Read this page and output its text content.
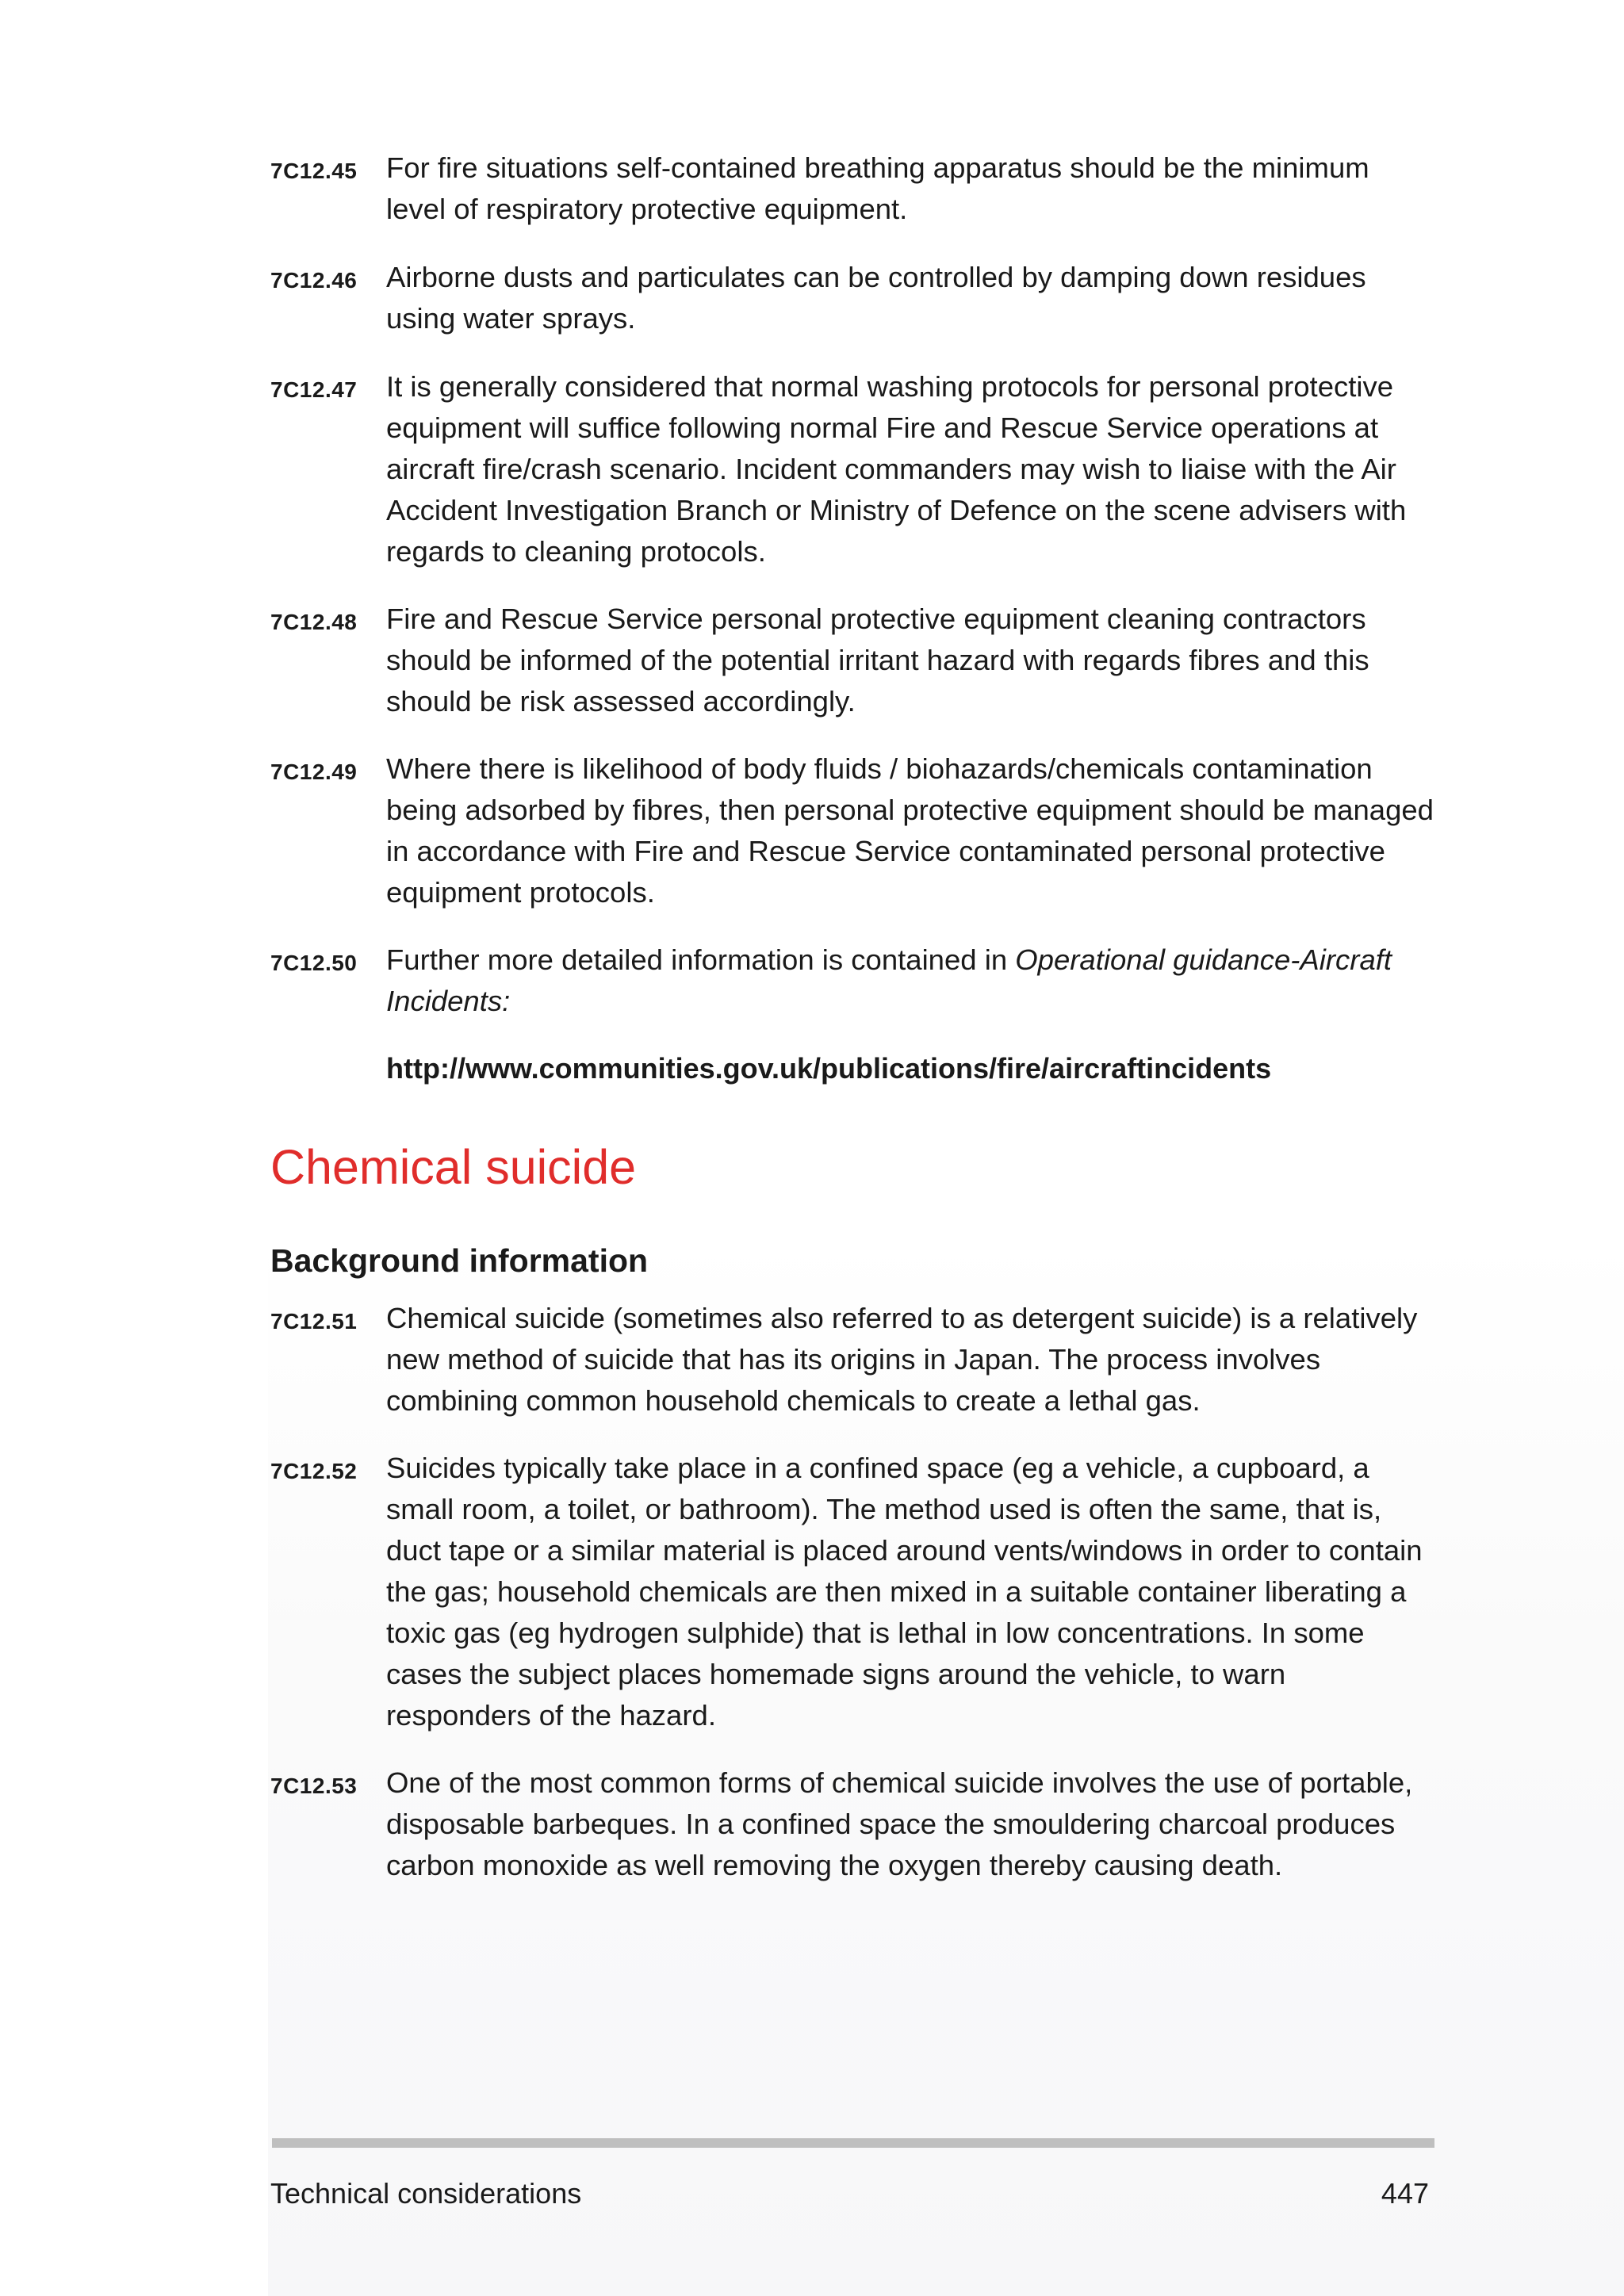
7C12.45	For fire situations self-contained breathing apparatus should be the minimum level of respiratory protective equipment.
7C12.46	Airborne dusts and particulates can be controlled by damping down residues using water sprays.
7C12.47	It is generally considered that normal washing protocols for personal protective equipment will suffice following normal Fire and Rescue Service operations at aircraft fire/crash scenario. Incident commanders may wish to liaise with the Air Accident Investigation Branch or Ministry of Defence on the scene advisers with regards to cleaning protocols.
7C12.48	Fire and Rescue Service personal protective equipment cleaning contractors should be informed of the potential irritant hazard with regards fibres and this should be risk assessed accordingly.
7C12.49	Where there is likelihood of body fluids / biohazards/chemicals contamination being adsorbed by fibres, then personal protective equipment should be managed in accordance with Fire and Rescue Service contaminated personal protective equipment protocols.
7C12.50	Further more detailed information is contained in Operational guidance-Aircraft Incidents:
http://www.communities.gov.uk/publications/fire/aircraftincidents
Chemical suicide
Background information
7C12.51	Chemical suicide (sometimes also referred to as detergent suicide) is a relatively new method of suicide that has its origins in Japan. The process involves combining common household chemicals to create a lethal gas.
7C12.52	Suicides typically take place in a confined space (eg a vehicle, a cupboard, a small room, a toilet, or bathroom). The method used is often the same, that is, duct tape or a similar material is placed around vents/windows in order to contain the gas; household chemicals are then mixed in a suitable container liberating a toxic gas (eg hydrogen sulphide) that is lethal in low concentrations. In some cases the subject places homemade signs around the vehicle, to warn responders of the hazard.
7C12.53	One of the most common forms of chemical suicide involves the use of portable, disposable barbeques. In a confined space the smouldering charcoal produces carbon monoxide as well removing the oxygen thereby causing death.
Technical considerations	447
